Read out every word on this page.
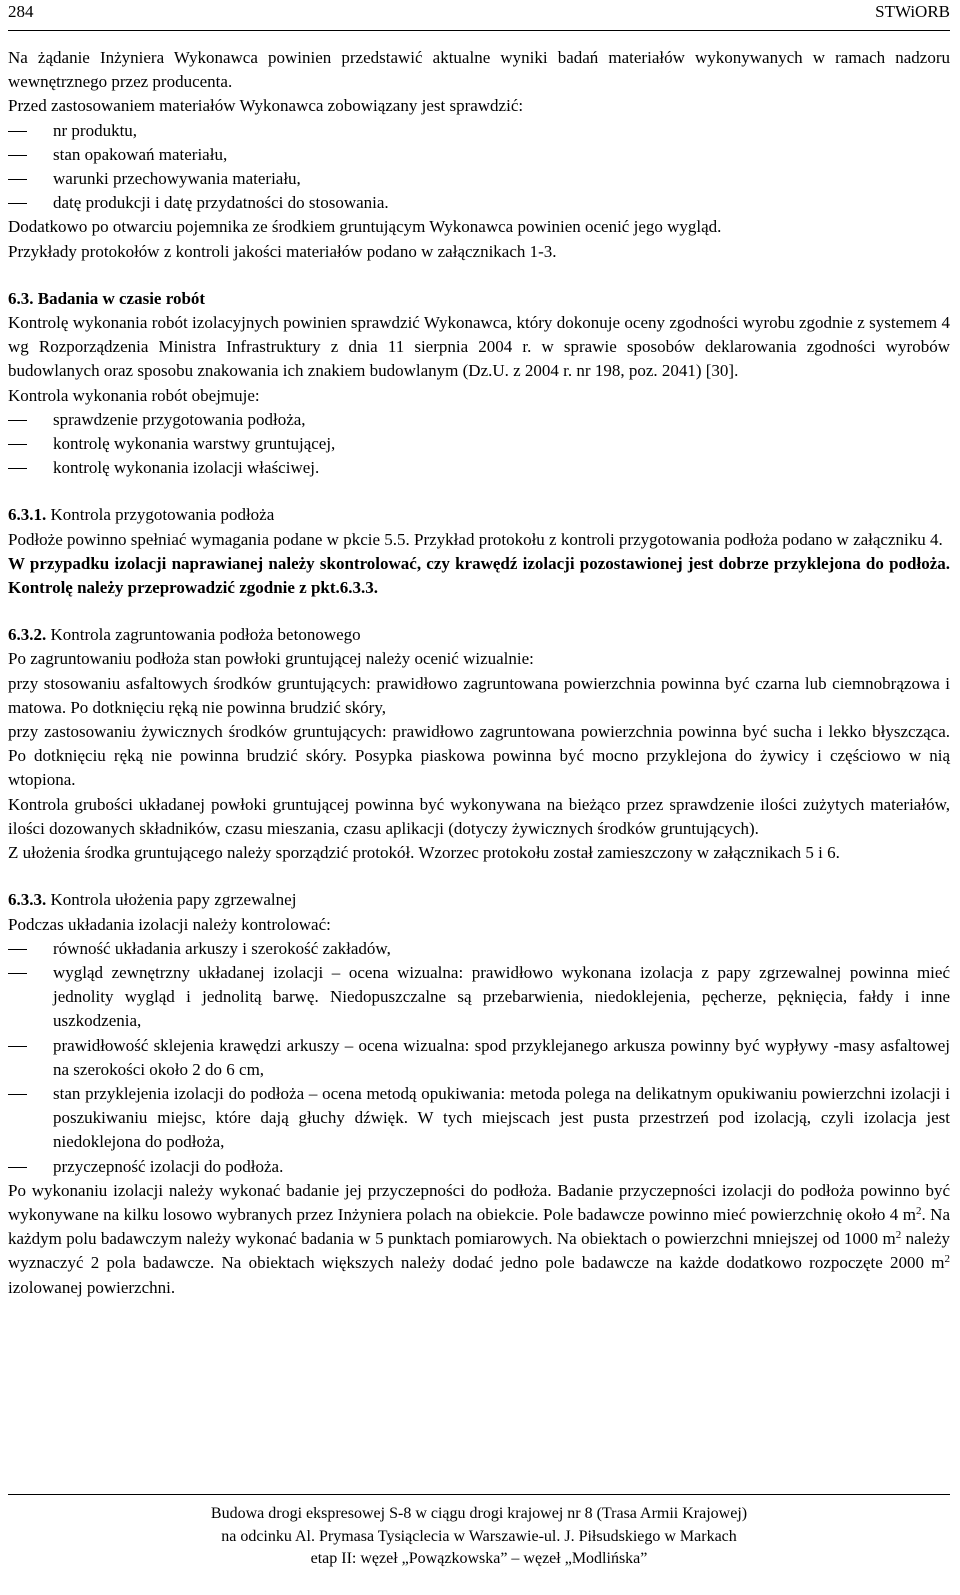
284	STWiORB

Na żądanie Inżyniera Wykonawca powinien przedstawić aktualne wyniki badań materiałów wykonywanych w ramach nadzoru wewnętrznego przez producenta.

Przed zastosowaniem materiałów Wykonawca zobowiązany jest sprawdzić:

nr produktu,
stan opakowań materiału,
warunki przechowywania materiału,
datę produkcji i datę przydatności do stosowania.

Dodatkowo po otwarciu pojemnika ze środkiem gruntującym Wykonawca powinien ocenić jego wygląd.

Przykłady protokołów z kontroli jakości materiałów podano w załącznikach 1-3.

6.3. Badania w czasie robót

Kontrolę wykonania robót izolacyjnych powinien sprawdzić Wykonawca, który dokonuje oceny zgodności wyrobu zgodnie z systemem 4 wg Rozporządzenia Ministra Infrastruktury z dnia 11 sierpnia 2004 r. w sprawie sposobów deklarowania zgodności wyrobów budowlanych oraz sposobu znakowania ich znakiem budowlanym (Dz.U. z 2004 r. nr 198, poz. 2041) [30].

Kontrola wykonania robót obejmuje:

sprawdzenie przygotowania podłoża,
kontrolę wykonania warstwy gruntującej,
kontrolę wykonania izolacji właściwej.

6.3.1. Kontrola przygotowania podłoża

Podłoże powinno spełniać wymagania podane w pkcie 5.5. Przykład protokołu z kontroli przygotowania podłoża podano w załączniku 4.

W przypadku izolacji naprawianej należy skontrolować, czy krawędź izolacji pozostawionej jest dobrze przyklejona do podłoża. Kontrolę należy przeprowadzić zgodnie z pkt.6.3.3.

6.3.2. Kontrola zagruntowania podłoża betonowego

Po zagruntowaniu podłoża stan powłoki gruntującej należy ocenić wizualnie:

przy stosowaniu asfaltowych środków gruntujących: prawidłowo zagruntowana powierzchnia powinna być czarna lub ciemnobrązowa i matowa. Po dotknięciu ręką nie powinna brudzić skóry,

przy zastosowaniu żywicznych środków gruntujących: prawidłowo zagruntowana powierzchnia powinna być sucha i lekko błyszcząca. Po dotknięciu ręką nie powinna brudzić skóry. Posypka piaskowa powinna być mocno przyklejona do żywicy i częściowo w nią wtopiona.

Kontrola grubości układanej powłoki gruntującej powinna być wykonywana na bieżąco przez sprawdzenie ilości zużytych materiałów, ilości dozowanych składników, czasu mieszania, czasu aplikacji (dotyczy żywicznych środków gruntujących).

Z ułożenia środka gruntującego należy sporządzić protokół. Wzorzec protokołu został zamieszczony w załącznikach 5 i 6.

6.3.3. Kontrola ułożenia papy zgrzewalnej

Podczas układania izolacji należy kontrolować:

równość układania arkuszy i szerokość zakładów,
wygląd zewnętrzny układanej izolacji – ocena wizualna: prawidłowo wykonana izolacja z papy zgrzewalnej powinna mieć jednolity wygląd i jednolitą barwę. Niedopuszczalne są przebarwienia, niedoklejenia, pęcherze, pęknięcia, fałdy i inne uszkodzenia,
prawidłowość sklejenia krawędzi arkuszy – ocena wizualna: spod przyklejanego arkusza powinny być wypływy -masy asfaltowej na szerokości około 2 do 6 cm,
stan przyklejenia izolacji do podłoża – ocena metodą opukiwania: metoda polega na delikatnym opukiwaniu powierzchni izolacji i poszukiwaniu miejsc, które dają głuchy dźwięk. W tych miejscach jest pusta przestrzeń pod izolacją, czyli izolacja jest niedoklejona do podłoża,
przyczepność izolacji do podłoża.

Po wykonaniu izolacji należy wykonać badanie jej przyczepności do podłoża. Badanie przyczepności izolacji do podłoża powinno być wykonywane na kilku losowo wybranych przez Inżyniera polach na obiekcie. Pole badawcze powinno mieć powierzchnię około 4 $m^2$. Na każdym polu badawczym należy wykonać badania w 5 punktach pomiarowych. Na obiektach o powierzchni mniejszej od 1000 $m^2$ należy wyznaczyć 2 pola badawcze. Na obiektach większych należy dodać jedno pole badawcze na każde dodatkowo rozpoczęte 2000 $m^2$ izolowanej powierzchni.

Budowa drogi ekspresowej S-8 w ciągu drogi krajowej nr 8 (Trasa Armii Krajowej)
na odcinku Al. Prymasa Tysiąclecia w Warszawie-ul. J. Piłsudskiego w Markach
etap II: węzeł „Powązkowska” – węzeł „Modlińska”
